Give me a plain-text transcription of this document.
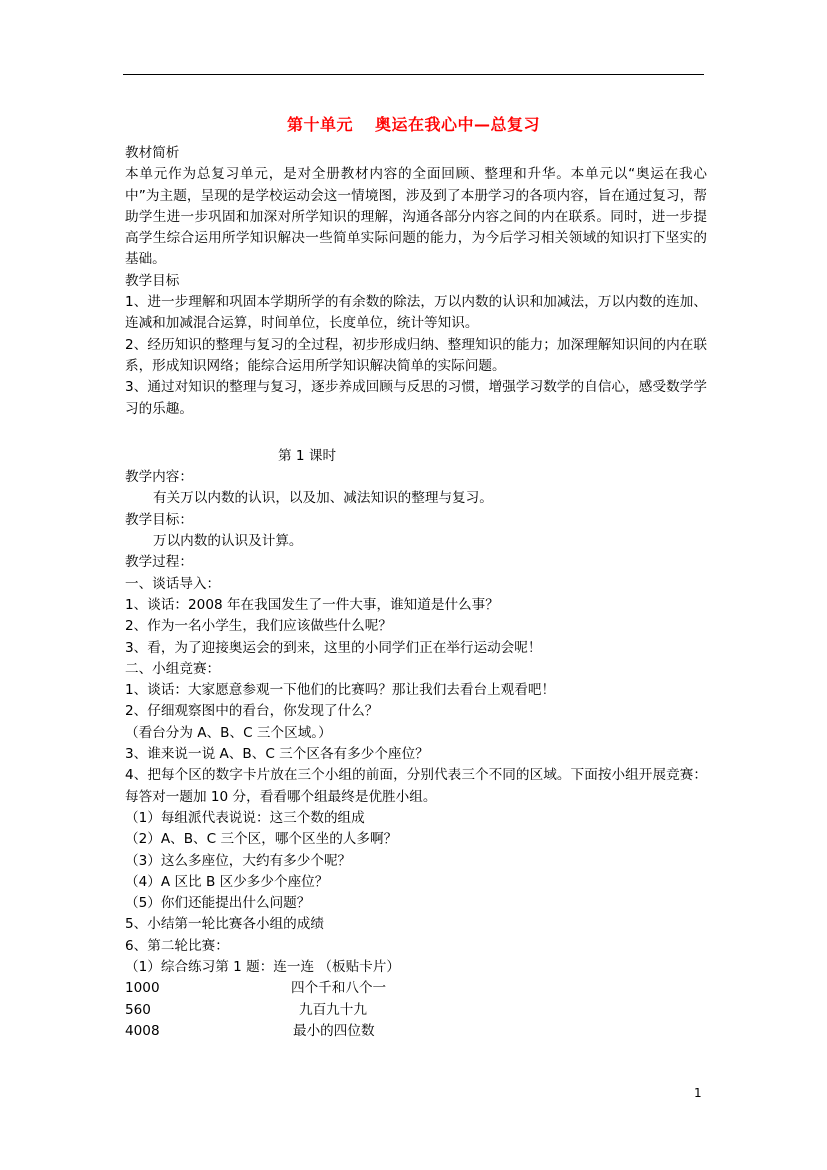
第十单元 奥运在我心中—总复习

教材简析

本单元作为总复习单元，是对全册教材内容的全面回顾、整理和升华。本单元以“奥运在我心中”为主题，呈现的是学校运动会这一情境图，涉及到了本册学习的各项内容，旨在通过复习，帮助学生进一步巩固和加深对所学知识的理解，沟通各部分内容之间的内在联系。同时，进一步提高学生综合运用所学知识解决一些简单实际问题的能力，为今后学习相关领域的知识打下坚实的基础。

教学目标

1、进一步理解和巩固本学期所学的有余数的除法，万以内数的认识和加减法，万以内数的连加、连减和加减混合运算，时间单位，长度单位，统计等知识。

2、经历知识的整理与复习的全过程，初步形成归纳、整理知识的能力；加深理解知识间的内在联系，形成知识网络；能综合运用所学知识解决简单的实际问题。

3、通过对知识的整理与复习，逐步养成回顾与反思的习惯，增强学习数学的自信心，感受数学学习的乐趣。

第 1 课时

教学内容：

有关万以内数的认识，以及加、减法知识的整理与复习。

教学目标：

万以内数的认识及计算。

教学过程：

一、谈话导入：

1、谈话：2008 年在我国发生了一件大事，谁知道是什么事？

2、作为一名小学生，我们应该做些什么呢？

3、看，为了迎接奥运会的到来，这里的小同学们正在举行运动会呢！

二、小组竞赛：

1、谈话：大家愿意参观一下他们的比赛吗？那让我们去看台上观看吧！

2、仔细观察图中的看台，你发现了什么？

（看台分为 A、B、C 三个区域。）

3、谁来说一说 A、B、C 三个区各有多少个座位？

4、把每个区的数字卡片放在三个小组的前面，分别代表三个不同的区域。下面按小组开展竞赛：每答对一题加 10 分，看看哪个组最终是优胜小组。

（1）每组派代表说说：这三个数的组成

（2）A、B、C 三个区，哪个区坐的人多啊？

（3）这么多座位，大约有多少个呢？

（4）A 区比 B 区少多少个座位？

（5）你们还能提出什么问题？

5、小结第一轮比赛各小组的成绩

6、第二轮比赛：

（1）综合练习第 1 题：连一连 （板贴卡片）

1000	四个千和八个一
560	九百九十九
4008	最小的四位数
1
